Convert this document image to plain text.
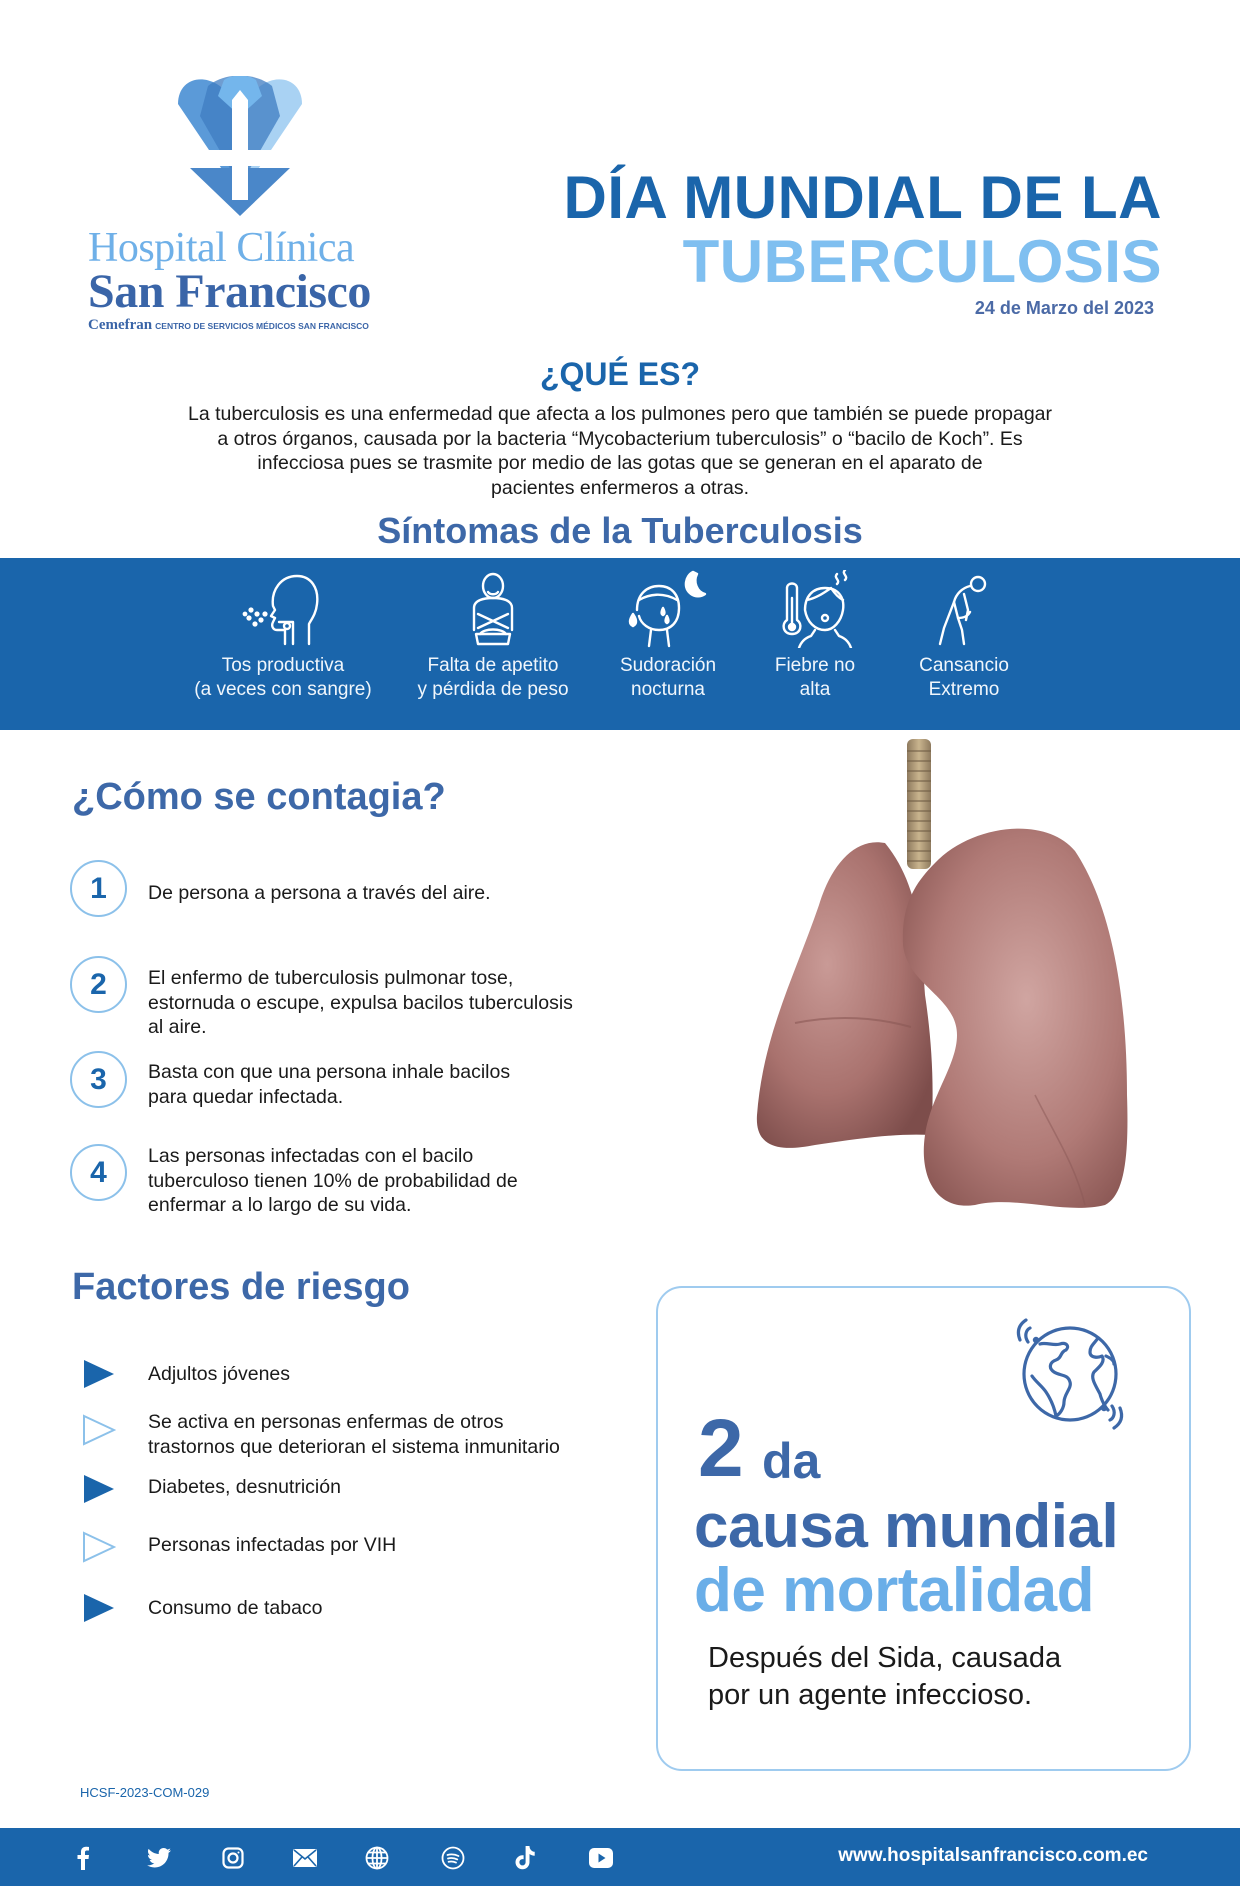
Hospital Clínica
San Francisco
Cemefran CENTRO DE SERVICIOS MÉDICOS SAN FRANCISCO
DÍA MUNDIAL DE LA
TUBERCULOSIS
24 de Marzo del 2023
¿QUÉ ES?
La tuberculosis es una enfermedad que afecta a los pulmones pero que también se puede propagar
a otros órganos, causada por la bacteria “Mycobacterium tuberculosis” o “bacilo de Koch”. Es
infecciosa pues se trasmite por medio de las gotas que se generan en el aparato de
pacientes enfermeros a otras.
Síntomas de la Tuberculosis
Tos productiva
(a veces con sangre)
Falta de apetito
y pérdida de peso
Sudoración
nocturna
Fiebre no
alta
Cansancio
Extremo
¿Cómo se contagia?
1	De persona a persona a través del aire.
2	El enfermo de tuberculosis pulmonar tose,
estornuda o escupe, expulsa bacilos tuberculosis
al aire.
3	Basta con que una persona inhale bacilos
para quedar infectada.
4	Las personas infectadas con el bacilo
tuberculoso tienen 10% de probabilidad de
enfermar a lo largo de su vida.
Factores de riesgo
Adjultos jóvenes
Se activa en personas enfermas de otros
trastornos que deterioran el sistema inmunitario
Diabetes, desnutrición
Personas infectadas por VIH
Consumo de tabaco
2 da
causa mundial
de mortalidad
Después del Sida, causada
por un agente infeccioso.
HCSF-2023-COM-029
www.hospitalsanfrancisco.com.ec
